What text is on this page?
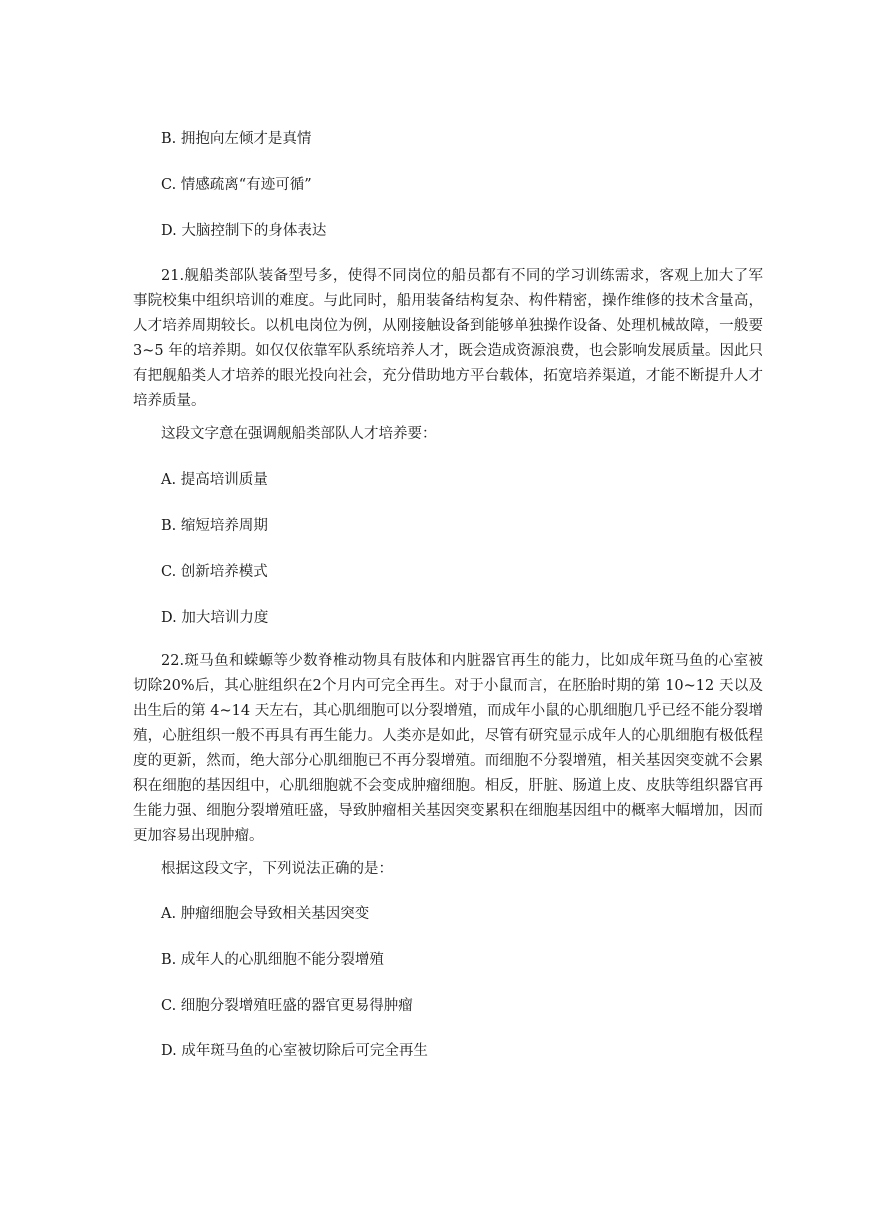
B. 拥抱向左倾才是真情
C. 情感疏离“有迹可循”
D. 大脑控制下的身体表达

21.舰船类部队装备型号多，使得不同岗位的船员都有不同的学习训练需求，客观上加大了军事院校集中组织培训的难度。与此同时，船用装备结构复杂、构件精密，操作维修的技术含量高，人才培养周期较长。以机电岗位为例，从刚接触设备到能够单独操作设备、处理机械故障，一般要 3~5 年的培养期。如仅仅依靠军队系统培养人才，既会造成资源浪费，也会影响发展质量。因此只有把舰船类人才培养的眼光投向社会，充分借助地方平台载体，拓宽培养渠道，才能不断提升人才培养质量。

这段文字意在强调舰船类部队人才培养要：
A. 提高培训质量
B. 缩短培养周期
C. 创新培养模式
D. 加大培训力度

22.斑马鱼和蝾螈等少数脊椎动物具有肢体和内脏器官再生的能力，比如成年斑马鱼的心室被切除20%后，其心脏组织在2个月内可完全再生。对于小鼠而言，在胚胎时期的第 10~12 天以及出生后的第 4~14 天左右，其心肌细胞可以分裂增殖，而成年小鼠的心肌细胞几乎已经不能分裂增殖，心脏组织一般不再具有再生能力。人类亦是如此，尽管有研究显示成年人的心肌细胞有极低程度的更新，然而，绝大部分心肌细胞已不再分裂增殖。而细胞不分裂增殖，相关基因突变就不会累积在细胞的基因组中，心肌细胞就不会变成肿瘤细胞。相反，肝脏、肠道上皮、皮肤等组织器官再生能力强、细胞分裂增殖旺盛，导致肿瘤相关基因突变累积在细胞基因组中的概率大幅增加，因而更加容易出现肿瘤。

根据这段文字，下列说法正确的是：
A. 肿瘤细胞会导致相关基因突变
B. 成年人的心肌细胞不能分裂增殖
C. 细胞分裂增殖旺盛的器官更易得肿瘤
D. 成年斑马鱼的心室被切除后可完全再生
